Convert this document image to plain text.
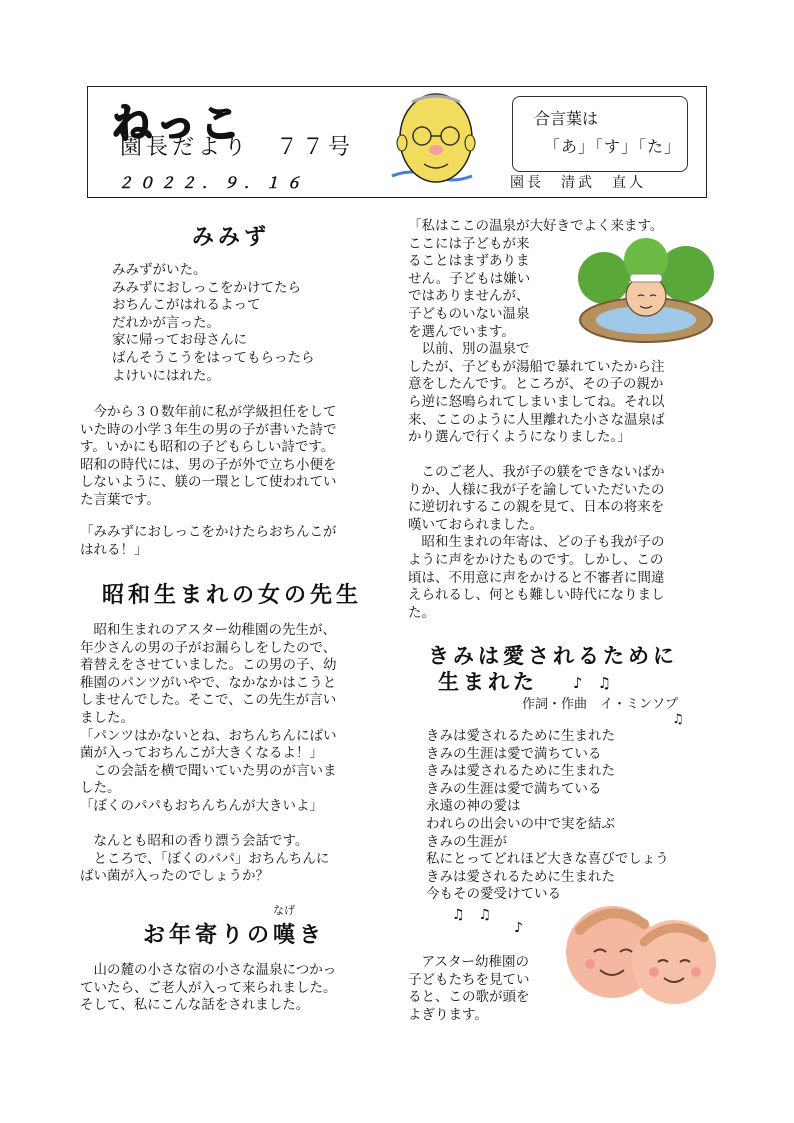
ねっこ
園長だより　７７号
２０２２．９．１６
合言葉は
「あ」「す」「た」
園長　清武　直人
みみず
みみずがいた。
みみずにおしっこをかけてたら
おちんこがはれるよって
だれかが言った。
家に帰ってお母さんに
ばんそうこうをはってもらったら
よけいにはれた。
　今から３０数年前に私が学級担任をして
いた時の小学３年生の男の子が書いた詩で
す。いかにも昭和の子どもらしい詩です。
昭和の時代には、男の子が外で立ち小便を
しないように、躾の一環として使われてい
た言葉です。
「みみずにおしっこをかけたらおちんこが
はれる！」
昭和生まれの女の先生
　昭和生まれのアスター幼稚園の先生が、
年少さんの男の子がお漏らしをしたので、
着替えをさせていました。この男の子、幼
稚園のパンツがいやで、なかなかはこうと
しませんでした。そこで、この先生が言い
ました。
「パンツはかないとね、おちんちんにばい
菌が入っておちんこが大きくなるよ！」
　この会話を横で聞いていた男のが言いま
した。
「ぼくのパパもおちんちんが大きいよ」
　なんとも昭和の香り漂う会話です。
　ところで、「ぼくのパパ」おちんちんに
ばい菌が入ったのでしょうか？
なげ
お年寄りの嘆き
　山の麓の小さな宿の小さな温泉につかっ
ていたら、ご老人が入って来られました。
そして、私にこんな話をされました。
「私はここの温泉が大好きでよく来ます。
ここには子どもが来
ることはまずありま
せん。子どもは嫌い
ではありませんが、
子どものいない温泉
を選んでいます。
　以前、別の温泉で
したが、子どもが湯船で暴れていたから注
意をしたんです。ところが、その子の親か
ら逆に怒鳴られてしまいましてね。それ以
来、ここのように人里離れた小さな温泉ば
かり選んで行くようになりました。」
　このご老人、我が子の躾をできないばか
りか、人様に我が子を諭していただいたの
に逆切れするこの親を見て、日本の将来を
嘆いておられました。
　昭和生まれの年寄は、どの子も我が子の
ように声をかけたものです。しかし、この
頃は、不用意に声をかけると不審者に間違
えられるし、何とも難しい時代になりまし
た。
きみは愛されるために
生まれた ♪　♫
作詞・作曲　イ・ミンソプ
♫
きみは愛されるために生まれた
きみの生涯は愛で満ちている
きみは愛されるために生まれた
きみの生涯は愛で満ちている
永遠の神の愛は
われらの出会いの中で実を結ぶ
きみの生涯が
私にとってどれほど大きな喜びでしょう
きみは愛されるために生まれた
今もその愛受けている
♫　♫
♪
　アスター幼稚園の
子どもたちを見てい
ると、この歌が頭を
よぎります。
